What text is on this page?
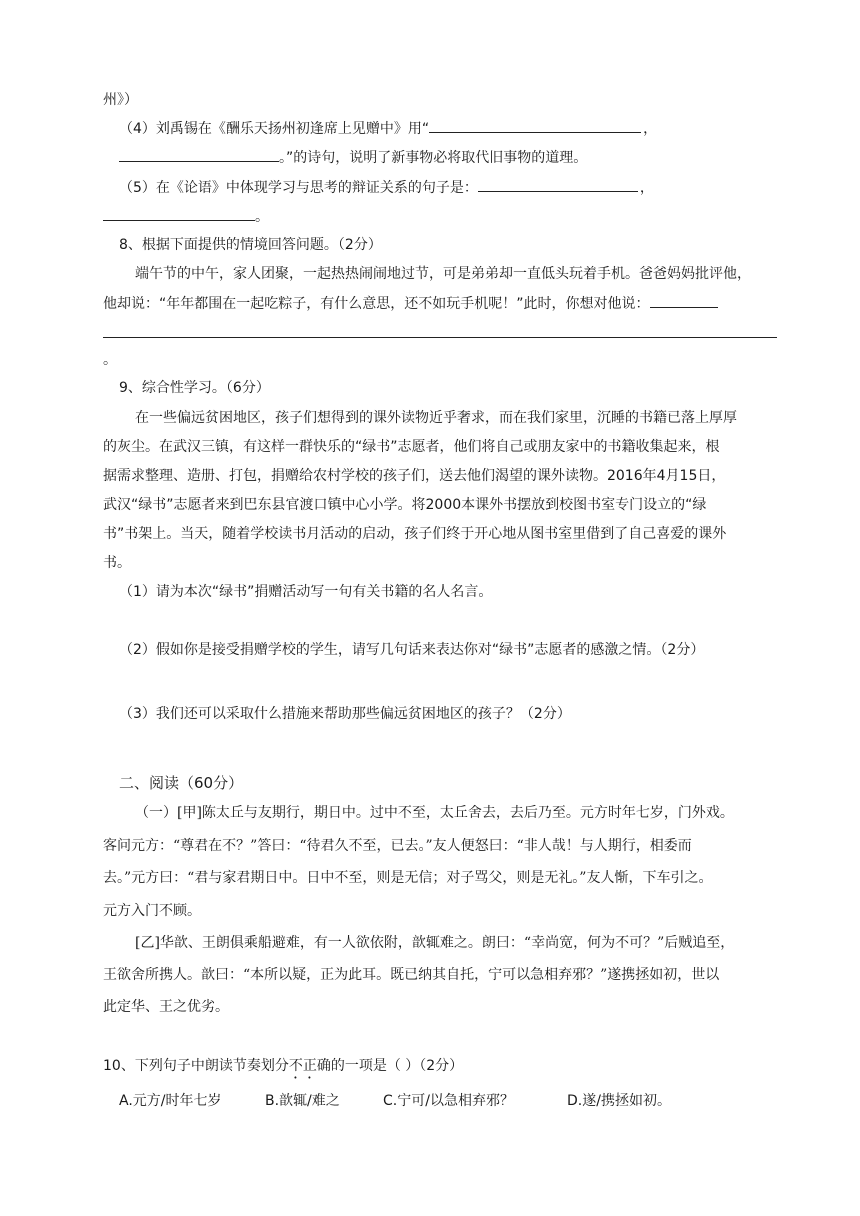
州》）
（4）刘禹锡在《酬乐天扬州初逢席上见赠中》用“	，
。”的诗句，说明了新事物必将取代旧事物的道理。
（5）在《论语》中体现学习与思考的辩证关系的句子是：	，
。
8、根据下面提供的情境回答问题。（2分）
端午节的中午，家人团聚，一起热热闹闹地过节，可是弟弟却一直低头玩着手机。爸爸妈妈批评他，
他却说：“年年都围在一起吃粽子，有什么意思，还不如玩手机呢！”此时，你想对他说：
。
9、综合性学习。（6分）
在一些偏远贫困地区，孩子们想得到的课外读物近乎奢求，而在我们家里，沉睡的书籍已落上厚厚
的灰尘。在武汉三镇，有这样一群快乐的“绿书”志愿者，他们将自己或朋友家中的书籍收集起来，根
据需求整理、造册、打包，捐赠给农村学校的孩子们，送去他们渴望的课外读物。2016年4月15日，
武汉“绿书”志愿者来到巴东县官渡口镇中心小学。将2000本课外书摆放到校图书室专门设立的“绿
书”书架上。当天，随着学校读书月活动的启动，孩子们终于开心地从图书室里借到了自己喜爱的课外
书。
（1）请为本次“绿书”捐赠活动写一句有关书籍的名人名言。
（2）假如你是接受捐赠学校的学生，请写几句话来表达你对“绿书”志愿者的感激之情。（2分）
（3）我们还可以采取什么措施来帮助那些偏远贫困地区的孩子？（2分）
二、阅读（60分）
（一）[甲]陈太丘与友期行，期日中。过中不至，太丘舍去，去后乃至。元方时年七岁，门外戏。
客问元方：“尊君在不？”答曰：“待君久不至，已去。”友人便怒曰：“非人哉！与人期行，相委而
去。”元方曰：“君与家君期日中。日中不至，则是无信；对子骂父，则是无礼。”友人惭，下车引之。
元方入门不顾。
[乙]华歆、王朗俱乘船避难，有一人欲依附，歆辄难之。朗曰：“幸尚宽，何为不可？”后贼追至，
王欲舍所携人。歆曰：“本所以疑，正为此耳。既已纳其自托，宁可以急相弃邪？”遂携拯如初，世以
此定华、王之优劣。
10、下列句子中朗读节奏划分不正确的一项是（ ）（2分）
A.元方/时年七岁	B.歆辄/难之	C.宁可/以急相弃邪？	D.遂/携拯如初。
